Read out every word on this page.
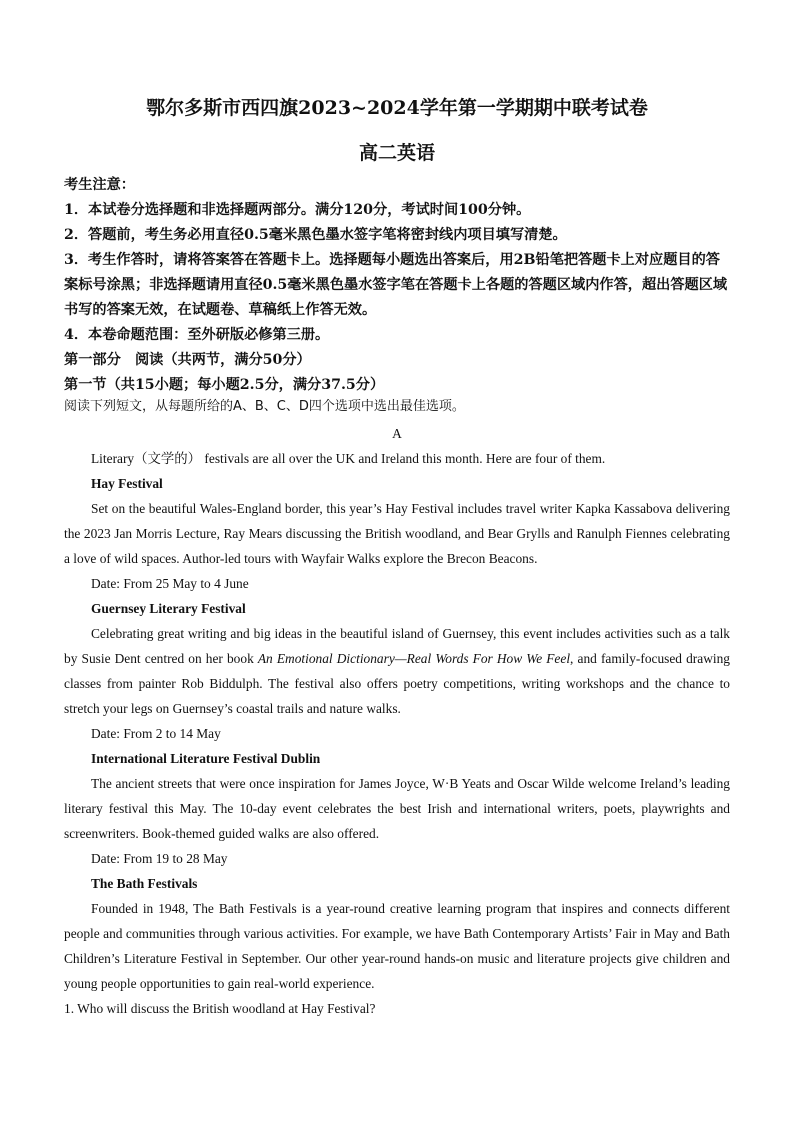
鄂尔多斯市西四旗2023~2024学年第一学期期中联考试卷
高二英语

考生注意：

1．本试卷分选择题和非选择题两部分。满分120分，考试时间100分钟。

2．答题前，考生务必用直径0.5毫米黑色墨水签字笔将密封线内项目填写清楚。

3．考生作答时，请将答案答在答题卡上。选择题每小题选出答案后，用2B铅笔把答题卡上对应题目的答案标号涂黑；非选择题请用直径0.5毫米黑色墨水签字笔在答题卡上各题的答题区域内作答，超出答题区域书写的答案无效，在试题卷、草稿纸上作答无效。

4．本卷命题范围：至外研版必修第三册。

第一部分　阅读（共两节，满分50分）

第一节（共15小题；每小题2.5分，满分37.5分）

阅读下列短文，从每题所给的A、B、C、D四个选项中选出最佳选项。

A

Literary（文学的） festivals are all over the UK and Ireland this month. Here are four of them.

Hay Festival

Set on the beautiful Wales-England border, this year’s Hay Festival includes travel writer Kapka Kassabova delivering the 2023 Jan Morris Lecture, Ray Mears discussing the British woodland, and Bear Grylls and Ranulph Fiennes celebrating a love of wild spaces. Author-led tours with Wayfair Walks explore the Brecon Beacons.

Date: From 25 May to 4 June

Guernsey Literary Festival

Celebrating great writing and big ideas in the beautiful island of Guernsey, this event includes activities such as a talk by Susie Dent centred on her book An Emotional Dictionary—Real Words For How We Feel, and family-focused drawing classes from painter Rob Biddulph. The festival also offers poetry competitions, writing workshops and the chance to stretch your legs on Guernsey’s coastal trails and nature walks.

Date: From 2 to 14 May

International Literature Festival Dublin

The ancient streets that were once inspiration for James Joyce, W·B Yeats and Oscar Wilde welcome Ireland’s leading literary festival this May. The 10-day event celebrates the best Irish and international writers, poets, playwrights and screenwriters. Book-themed guided walks are also offered.

Date: From 19 to 28 May

The Bath Festivals

Founded in 1948, The Bath Festivals is a year-round creative learning program that inspires and connects different people and communities through various activities. For example, we have Bath Contemporary Artists’ Fair in May and Bath Children’s Literature Festival in September. Our other year-round hands-on music and literature projects give children and young people opportunities to gain real-world experience.

1. Who will discuss the British woodland at Hay Festival?
